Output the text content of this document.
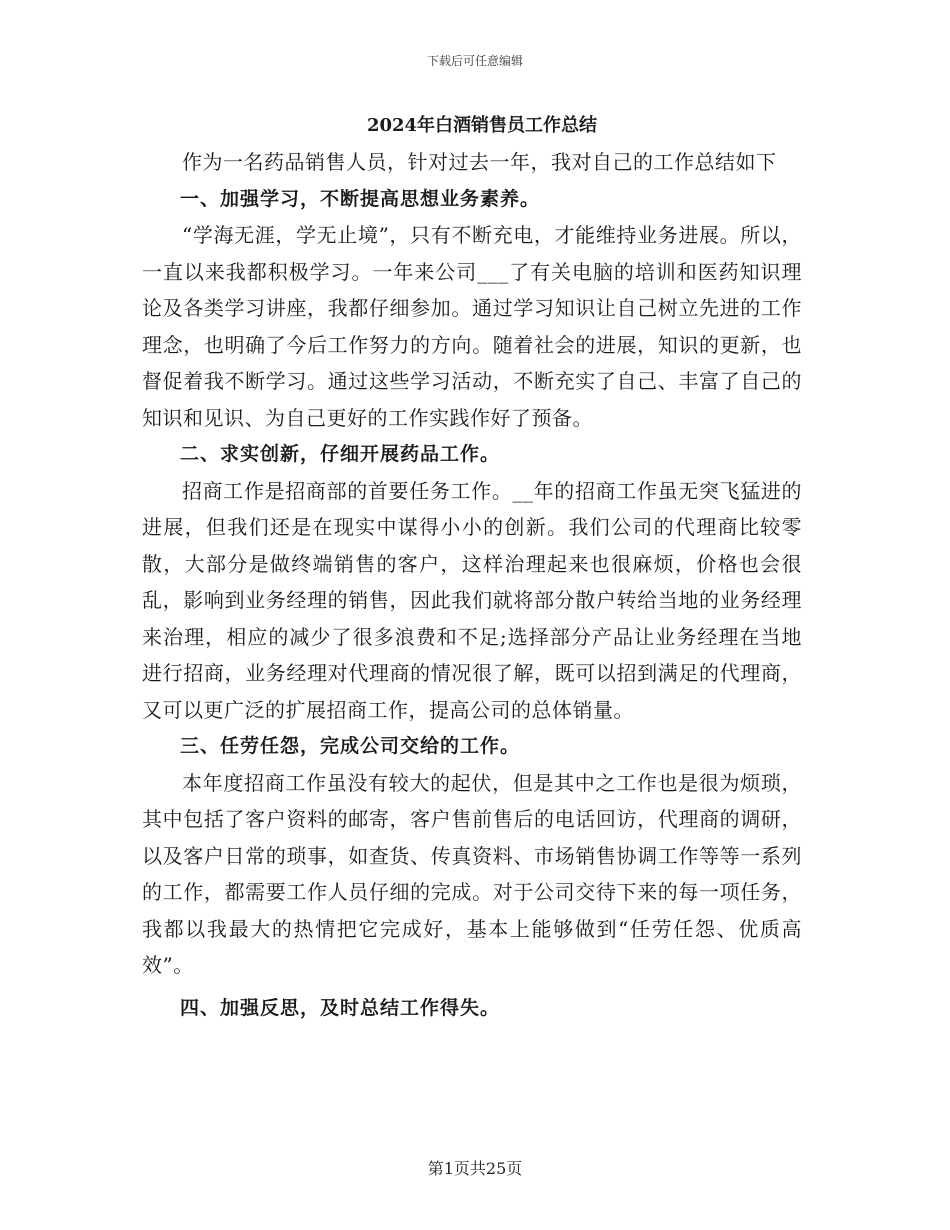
下载后可任意编辑
2024年白酒销售员工作总结

作为一名药品销售人员，针对过去一年，我对自己的工作总结如下

一、加强学习，不断提高思想业务素养。

“学海无涯，学无止境”，只有不断充电，才能维持业务进展。所以，一直以来我都积极学习。一年来公司___了有关电脑的培训和医药知识理论及各类学习讲座，我都仔细参加。通过学习知识让自己树立先进的工作理念，也明确了今后工作努力的方向。随着社会的进展，知识的更新，也督促着我不断学习。通过这些学习活动，不断充实了自己、丰富了自己的知识和见识、为自己更好的工作实践作好了预备。

二、求实创新，仔细开展药品工作。

招商工作是招商部的首要任务工作。__年的招商工作虽无突飞猛进的进展，但我们还是在现实中谋得小小的创新。我们公司的代理商比较零散，大部分是做终端销售的客户，这样治理起来也很麻烦，价格也会很乱，影响到业务经理的销售，因此我们就将部分散户转给当地的业务经理来治理，相应的减少了很多浪费和不足;选择部分产品让业务经理在当地进行招商，业务经理对代理商的情况很了解，既可以招到满足的代理商，又可以更广泛的扩展招商工作，提高公司的总体销量。

三、任劳任怨，完成公司交给的工作。

本年度招商工作虽没有较大的起伏，但是其中之工作也是很为烦琐，其中包括了客户资料的邮寄，客户售前售后的电话回访，代理商的调研，以及客户日常的琐事，如查货、传真资料、市场销售协调工作等等一系列的工作，都需要工作人员仔细的完成。对于公司交待下来的每一项任务，我都以我最大的热情把它完成好，基本上能够做到“任劳任怨、优质高效”。

四、加强反思，及时总结工作得失。

第1页共25页
